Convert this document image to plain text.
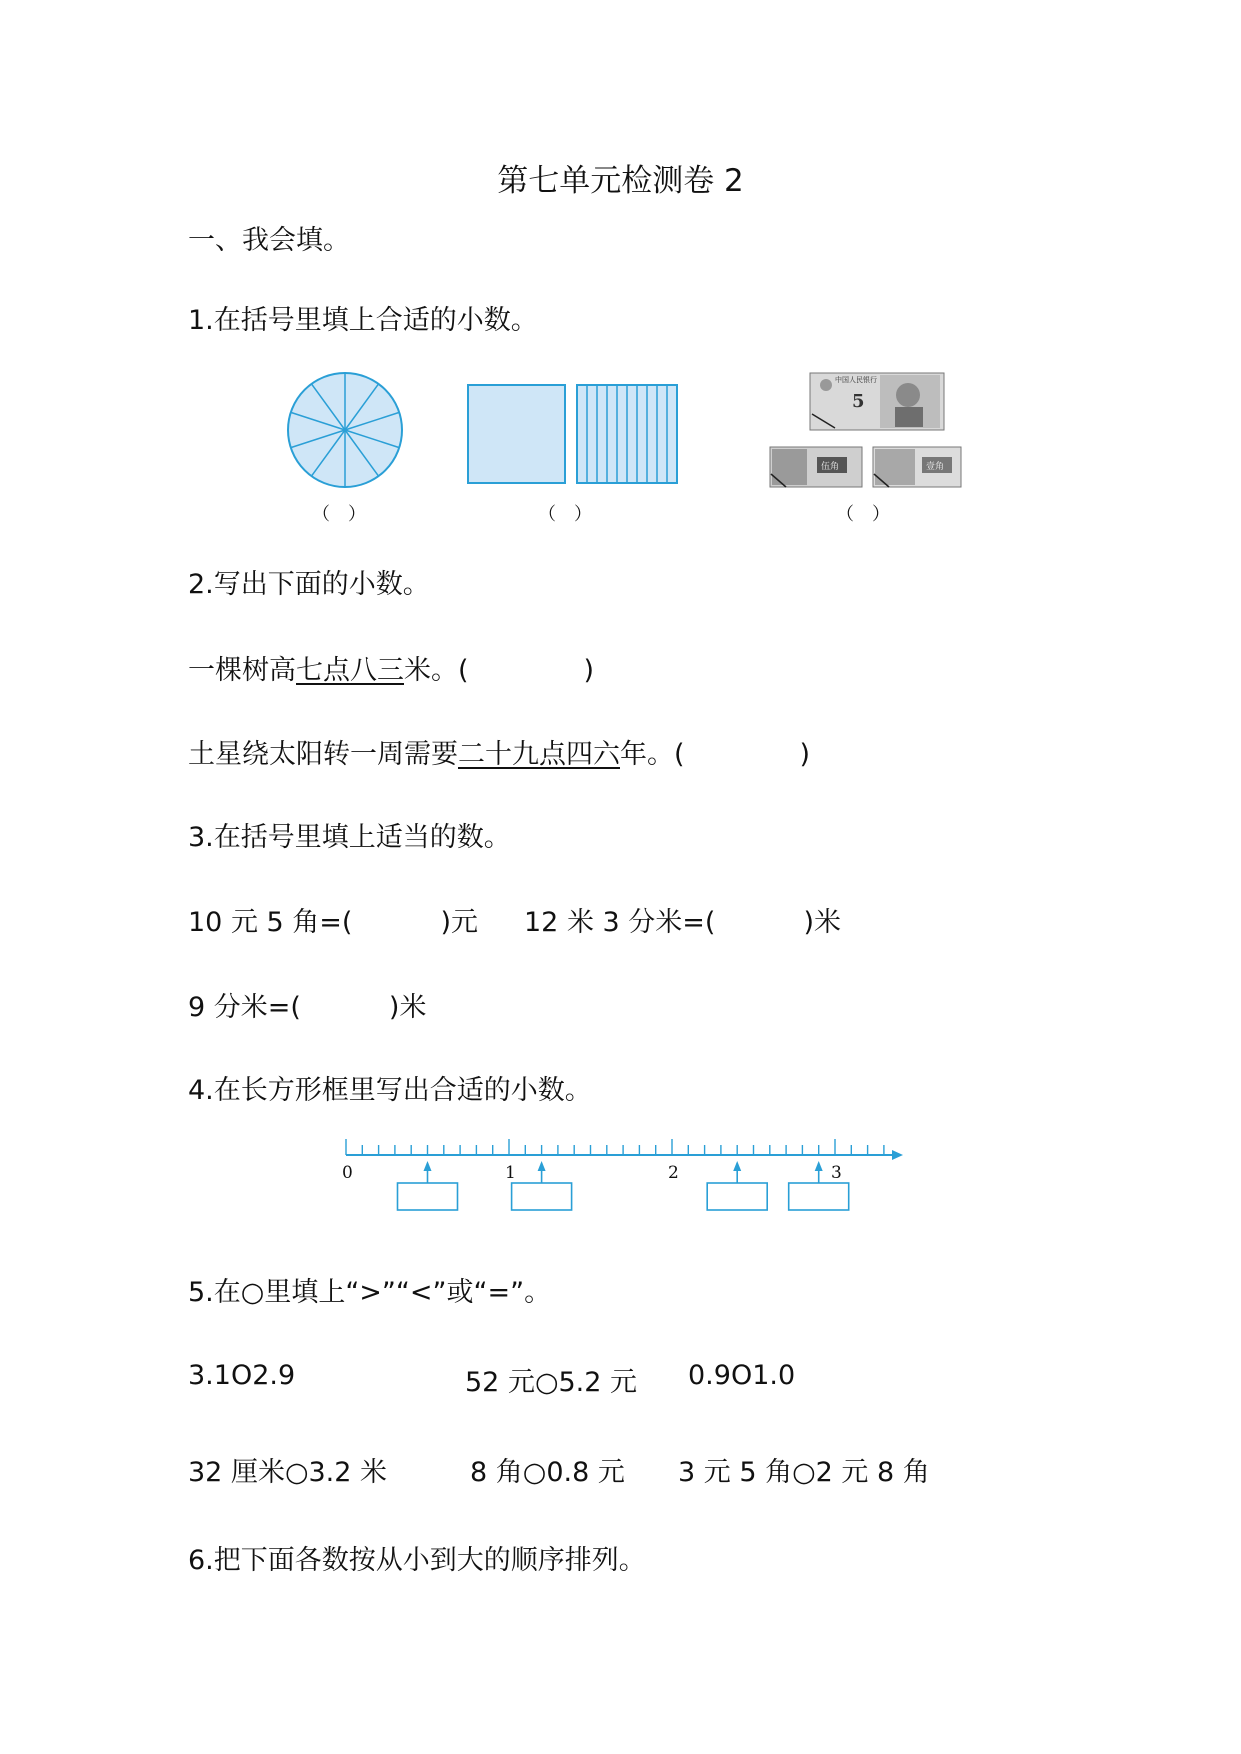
第七单元检测卷 2
一、我会填。
1.在括号里填上合适的小数。
中国人民银行
5
伍角	壹角
0	1	2	3
（　）	（　）	（　）
2.写出下面的小数。
一棵树高七点八三米。(	)
土星绕太阳转一周需要二十九点四六年。(	)
3.在括号里填上适当的数。
10 元 5 角=(	)元 12 米 3 分米=(	)米
9 分米=(	)米
4.在长方形框里写出合适的小数。
5.在○里填上“>”“<”或“=”。
3.1O2.9	52 元○5.2 元 0.9O1.0
32 厘米○3.2 米	8 角○0.8 元 3 元 5 角○2 元 8 角
6.把下面各数按从小到大的顺序排列。
